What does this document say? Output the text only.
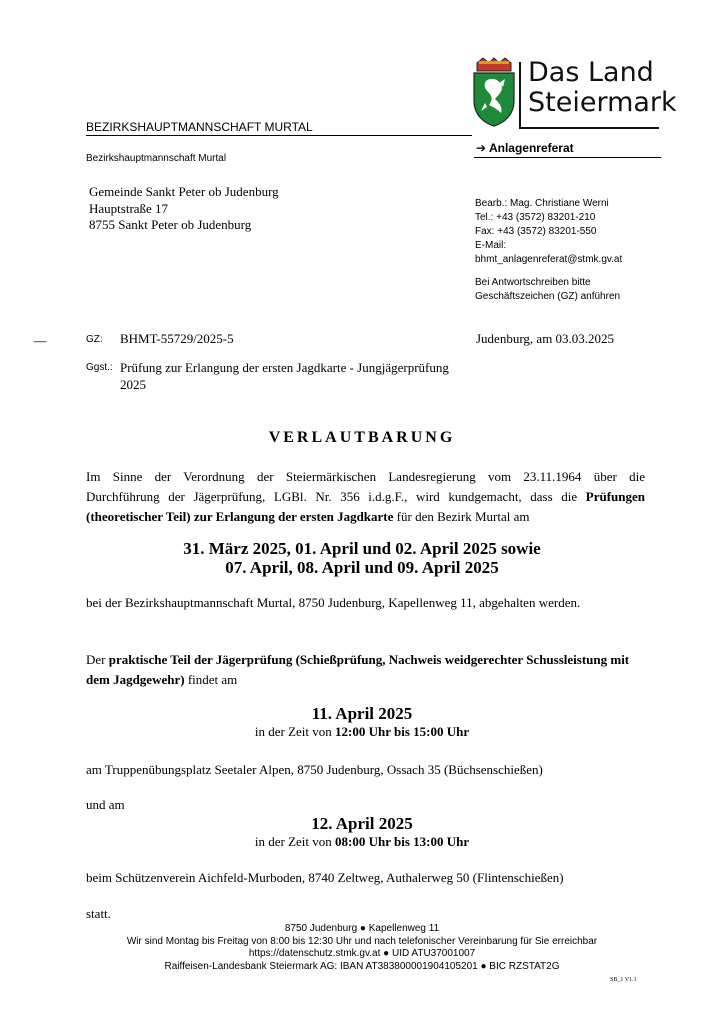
BEZIRKSHAUPTMANNSCHAFT MURTAL
Das Land
Steiermark
➔ Anlagenreferat
Bezirkshauptmannschaft Murtal
Gemeinde Sankt Peter ob Judenburg
Hauptstraße 17
8755 Sankt Peter ob Judenburg
Bearb.: Mag. Christiane Werni
Tel.: +43 (3572) 83201-210
Fax: +43 (3572) 83201-550
E-Mail:
bhmt_anlagenreferat@stmk.gv.at
Bei Antwortschreiben bitte
Geschäftszeichen (GZ) anführen
__	GZ: BHMT-55729/2025-5	Judenburg, am 03.03.2025
Ggst.: Prüfung zur Erlangung der ersten Jagdkarte - Jungjägerprüfung
2025
VERLAUTBARUNG
Im Sinne der Verordnung der Steiermärkischen Landesregierung vom 23.11.1964 über die
Durchführung der Jägerprüfung, LGBl. Nr. 356 i.d.g.F., wird kundgemacht, dass die Prüfungen
(theoretischer Teil) zur Erlangung der ersten Jagdkarte für den Bezirk Murtal am
31. März 2025, 01. April und 02. April 2025 sowie
07. April, 08. April und 09. April 2025
bei der Bezirkshauptmannschaft Murtal, 8750 Judenburg, Kapellenweg 11, abgehalten werden.
Der praktische Teil der Jägerprüfung (Schießprüfung, Nachweis weidgerechter Schussleistung mit
dem Jagdgewehr) findet am
11. April 2025
in der Zeit von 12:00 Uhr bis 15:00 Uhr
am Truppenübungsplatz Seetaler Alpen, 8750 Judenburg, Ossach 35 (Büchsenschießen)
und am
12. April 2025
in der Zeit von 08:00 Uhr bis 13:00 Uhr
beim Schützenverein Aichfeld-Murboden, 8740 Zeltweg, Authalerweg 50 (Flintenschießen)
statt.
8750 Judenburg ● Kapellenweg 11
Wir sind Montag bis Freitag von 8:00 bis 12:30 Uhr und nach telefonischer Vereinbarung für Sie erreichbar
https://datenschutz.stmk.gv.at ● UID ATU37001007
Raiffeisen-Landesbank Steiermark AG: IBAN AT383800001904105201 ● BIC RZSTAT2G
SB_1 V1.1
